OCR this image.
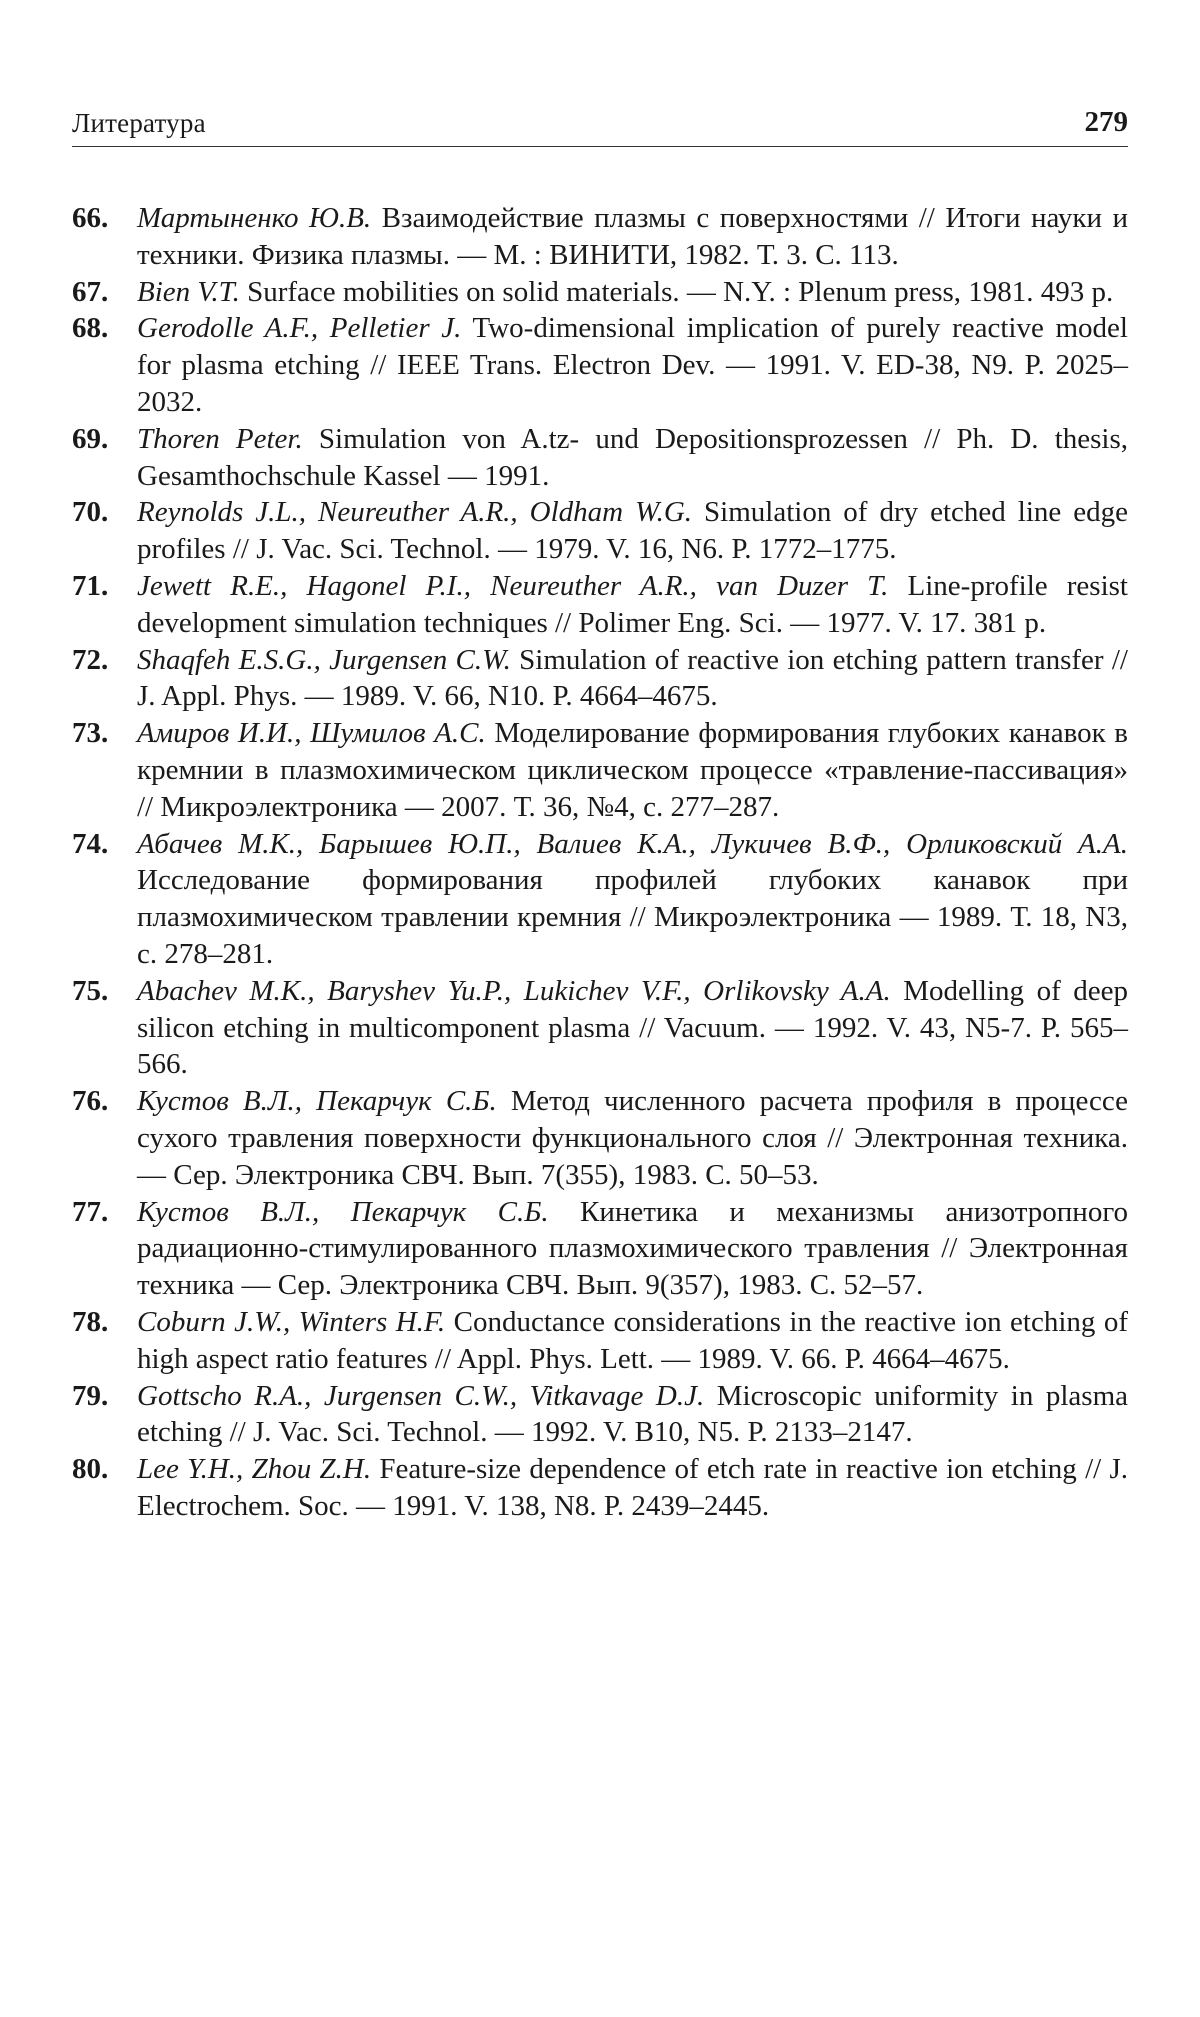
Литература	279
66. Мартыненко Ю.В. Взаимодействие плазмы с поверхностями // Итоги науки и техники. Физика плазмы. — М. : ВИНИТИ, 1982. Т. 3. С. 113.
67. Bien V.T. Surface mobilities on solid materials. — N.Y. : Plenum press, 1981. 493 p.
68. Gerodolle A.F., Pelletier J. Two-dimensional implication of purely reactive model for plasma etching // IEEE Trans. Electron Dev. — 1991. V. ED-38, N9. P. 2025–2032.
69. Thoren Peter. Simulation von A.tz- und Depositionsprozessen // Ph. D. thesis, Gesamthochschule Kassel — 1991.
70. Reynolds J.L., Neureuther A.R., Oldham W.G. Simulation of dry etched line edge profiles // J. Vac. Sci. Technol. — 1979. V. 16, N6. P. 1772–1775.
71. Jewett R.E., Hagonel P.I., Neureuther A.R., van Duzer T. Line-profile resist development simulation techniques // Polimer Eng. Sci. — 1977. V. 17. 381 p.
72. Shaqfeh E.S.G., Jurgensen C.W. Simulation of reactive ion etching pattern transfer // J. Appl. Phys. — 1989. V. 66, N10. P. 4664–4675.
73. Амиров И.И., Шумилов А.С. Моделирование формирования глубоких канавок в кремнии в плазмохимическом циклическом процессе «травление-пассивация» // Микроэлектроника — 2007. Т. 36, №4, с. 277–287.
74. Абачев М.К., Барышев Ю.П., Валиев К.А., Лукичев В.Ф., Орликовский А.А. Исследование формирования профилей глубоких канавок при плазмохимическом травлении кремния // Микроэлектроника — 1989. Т. 18, N3, с. 278–281.
75. Abachev M.K., Baryshev Yu.P., Lukichev V.F., Orlikovsky A.A. Modelling of deep silicon etching in multicomponent plasma // Vacuum. — 1992. V. 43, N5-7. P. 565–566.
76. Кустов В.Л., Пекарчук С.Б. Метод численного расчета профиля в процессе сухого травления поверхности функционального слоя // Электронная техника. — Сер. Электроника СВЧ. Вып. 7(355), 1983. С. 50–53.
77. Кустов В.Л., Пекарчук С.Б. Кинетика и механизмы анизотропного радиационно-стимулированного плазмохимического травления // Электронная техника — Сер. Электроника СВЧ. Вып. 9(357), 1983. С. 52–57.
78. Coburn J.W., Winters H.F. Conductance considerations in the reactive ion etching of high aspect ratio features // Appl. Phys. Lett. — 1989. V. 66. P. 4664–4675.
79. Gottscho R.A., Jurgensen C.W., Vitkavage D.J. Microscopic uniformity in plasma etching // J. Vac. Sci. Technol. — 1992. V. B10, N5. P. 2133–2147.
80. Lee Y.H., Zhou Z.H. Feature-size dependence of etch rate in reactive ion etching // J. Electrochem. Soc. — 1991. V. 138, N8. P. 2439–2445.
